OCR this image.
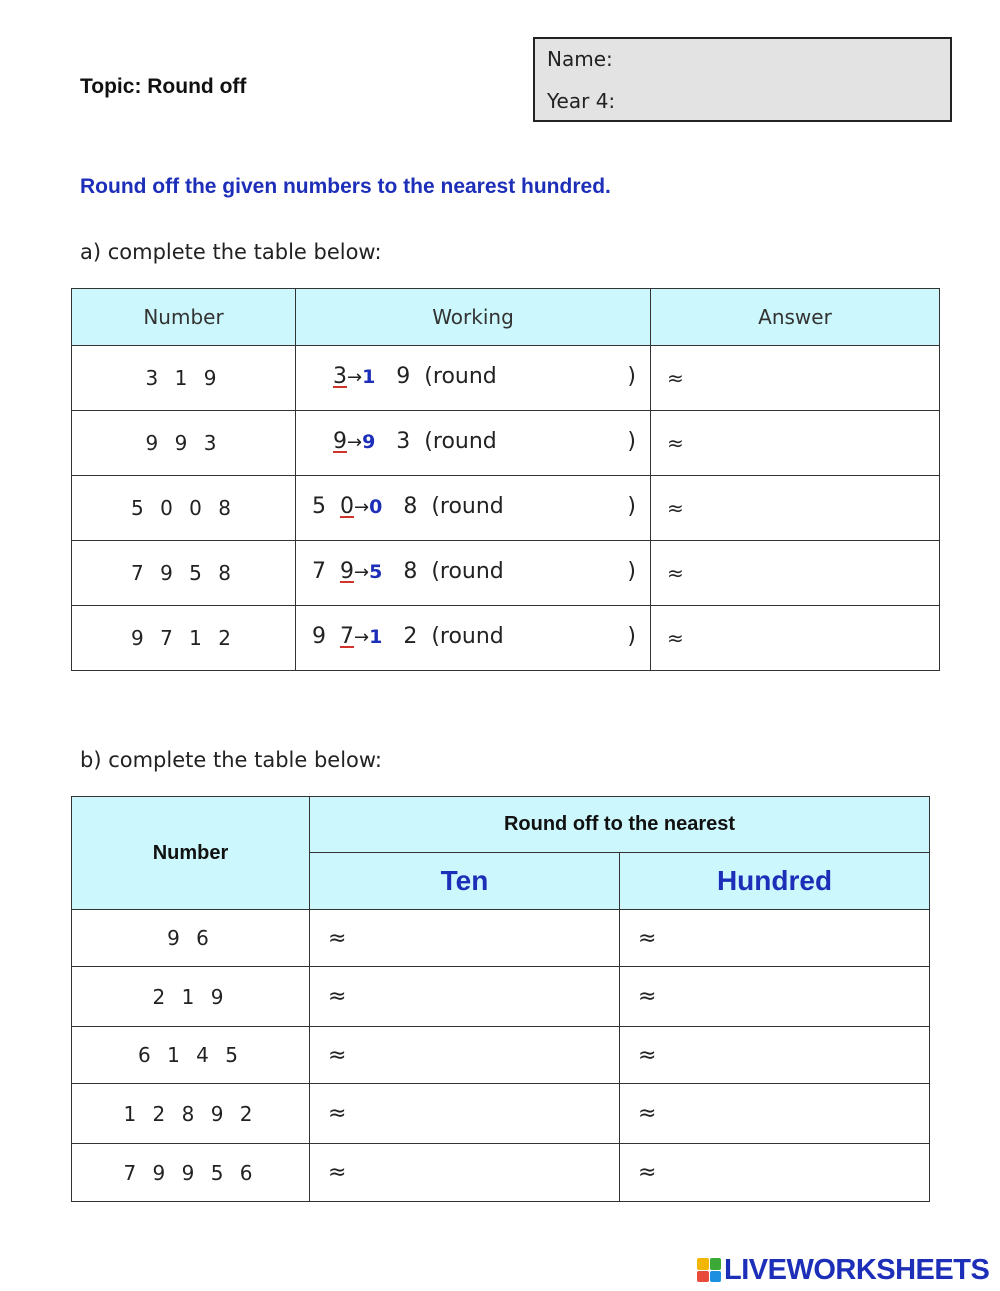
Topic: Round off
Name:
Year 4:
Round off the given numbers to the nearest hundred.
a) complete the table below:
Number	Working	Answer
3 1 9	3→1 9 (round )	≈
9 9 3	9→9 3 (round )	≈
5 0 0 8	5 0→0 8 (round )	≈
7 9 5 8	7 9→5 8 (round )	≈
9 7 1 2	9 7→1 2 (round )	≈
b) complete the table below:
Number	Round off to the nearest	
	Ten	Hundred
9 6	≈	≈
2 1 9	≈	≈
6 1 4 5	≈	≈
1 2 8 9 2	≈	≈
7 9 9 5 6	≈	≈
LIVEWORKSHEETS
